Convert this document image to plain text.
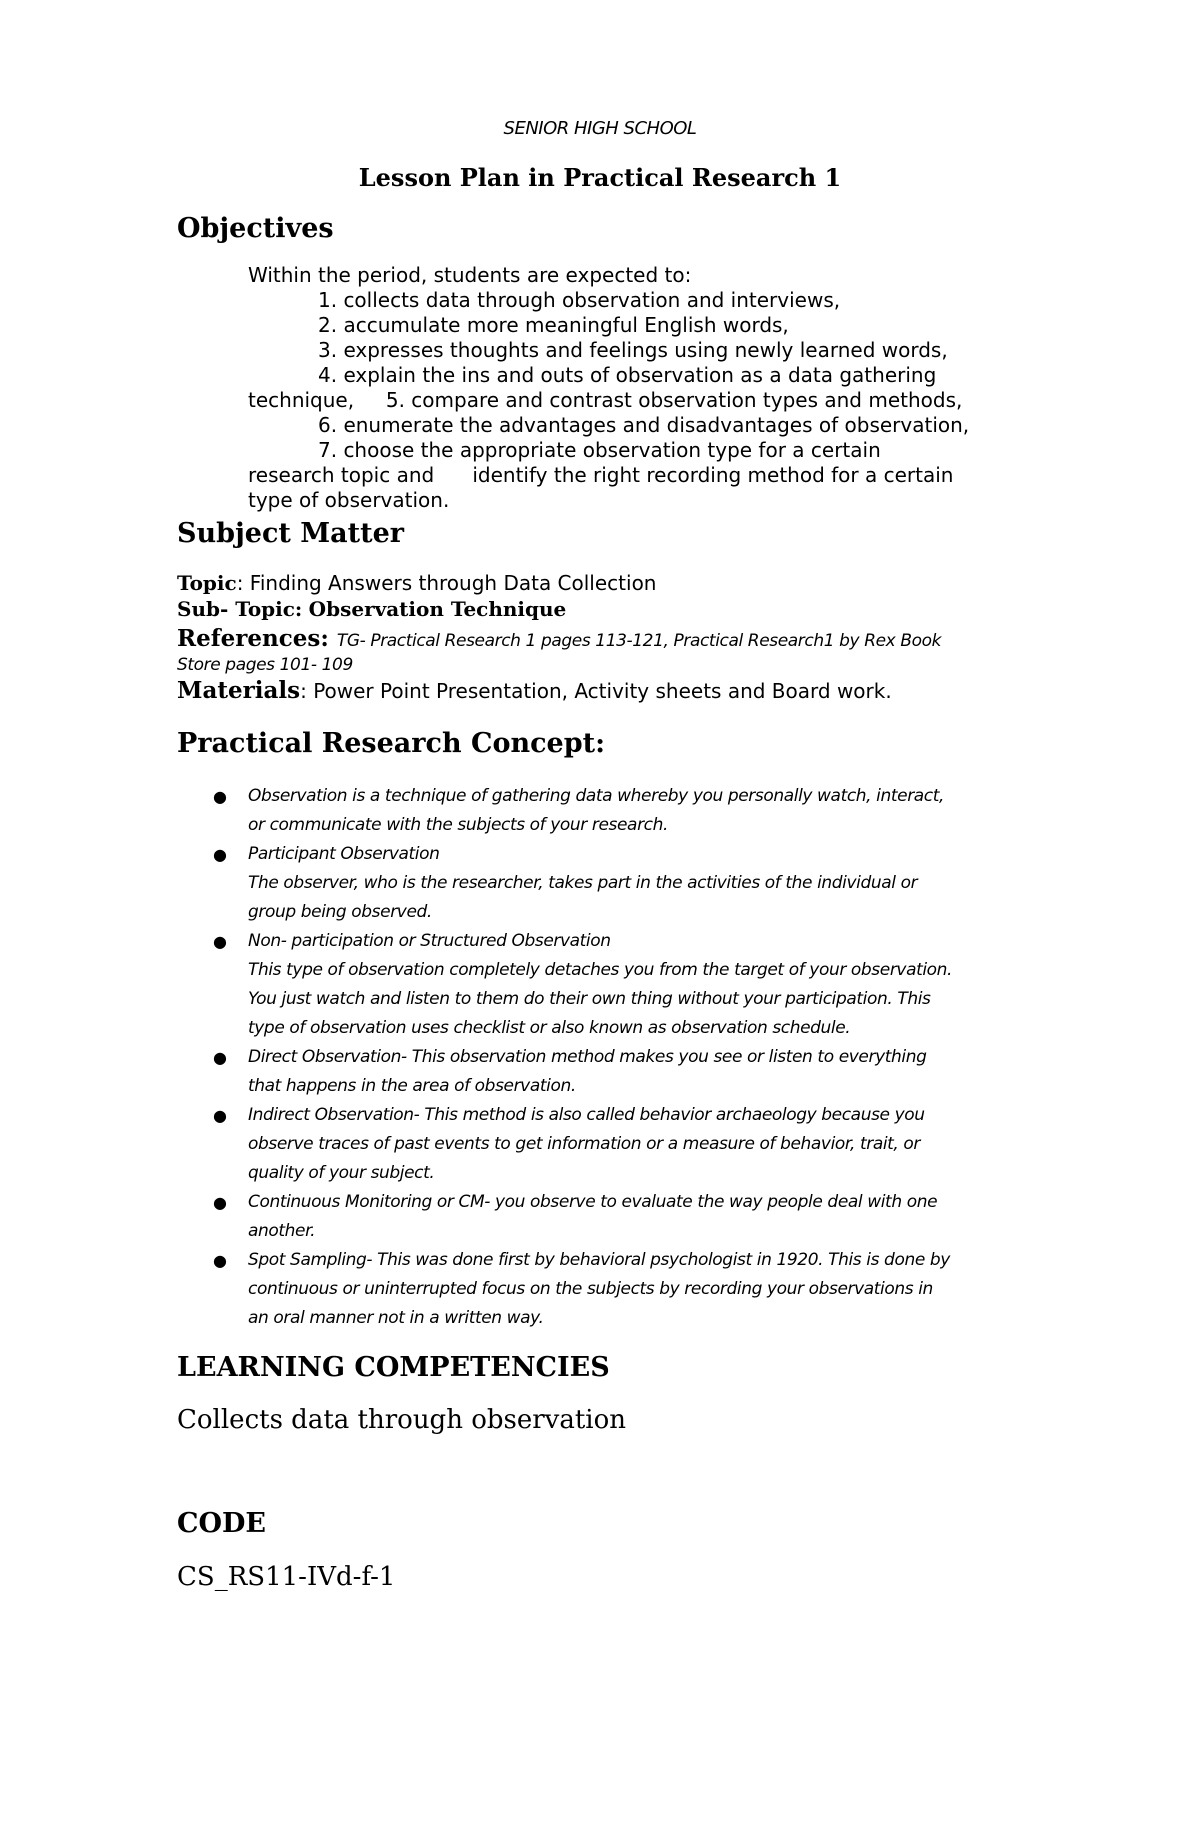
SENIOR HIGH SCHOOL
Lesson Plan in Practical Research 1
Objectives
Within the period, students are expected to:
1. collects data through observation and interviews,
2. accumulate more meaningful English words,
3. expresses thoughts and feelings using newly learned words,
4. explain the ins and outs of observation as a data gathering
technique,     5. compare and contrast observation types and methods,
6. enumerate the advantages and disadvantages of observation,
7. choose the appropriate observation type for a certain
research topic and      identify the right recording method for a certain
type of observation.
Subject Matter
Topic: Finding Answers through Data Collection
Sub- Topic: Observation Technique
References: TG- Practical Research 1 pages 113-121, Practical Research1 by Rex Book
Store pages 101- 109
Materials: Power Point Presentation, Activity sheets and Board work.
Practical Research Concept:
● Observation is a technique of gathering data whereby you personally watch, interact,
or communicate with the subjects of your research.
● Participant Observation
The observer, who is the researcher, takes part in the activities of the individual or
group being observed.
● Non- participation or Structured Observation
This type of observation completely detaches you from the target of your observation.
You just watch and listen to them do their own thing without your participation. This
type of observation uses checklist or also known as observation schedule.
● Direct Observation- This observation method makes you see or listen to everything
that happens in the area of observation.
● Indirect Observation- This method is also called behavior archaeology because you
observe traces of past events to get information or a measure of behavior, trait, or
quality of your subject.
● Continuous Monitoring or CM- you observe to evaluate the way people deal with one
another.
● Spot Sampling- This was done first by behavioral psychologist in 1920. This is done by
continuous or uninterrupted focus on the subjects by recording your observations in
an oral manner not in a written way.
LEARNING COMPETENCIES
Collects data through observation
CODE
CS_RS11-IVd-f-1
